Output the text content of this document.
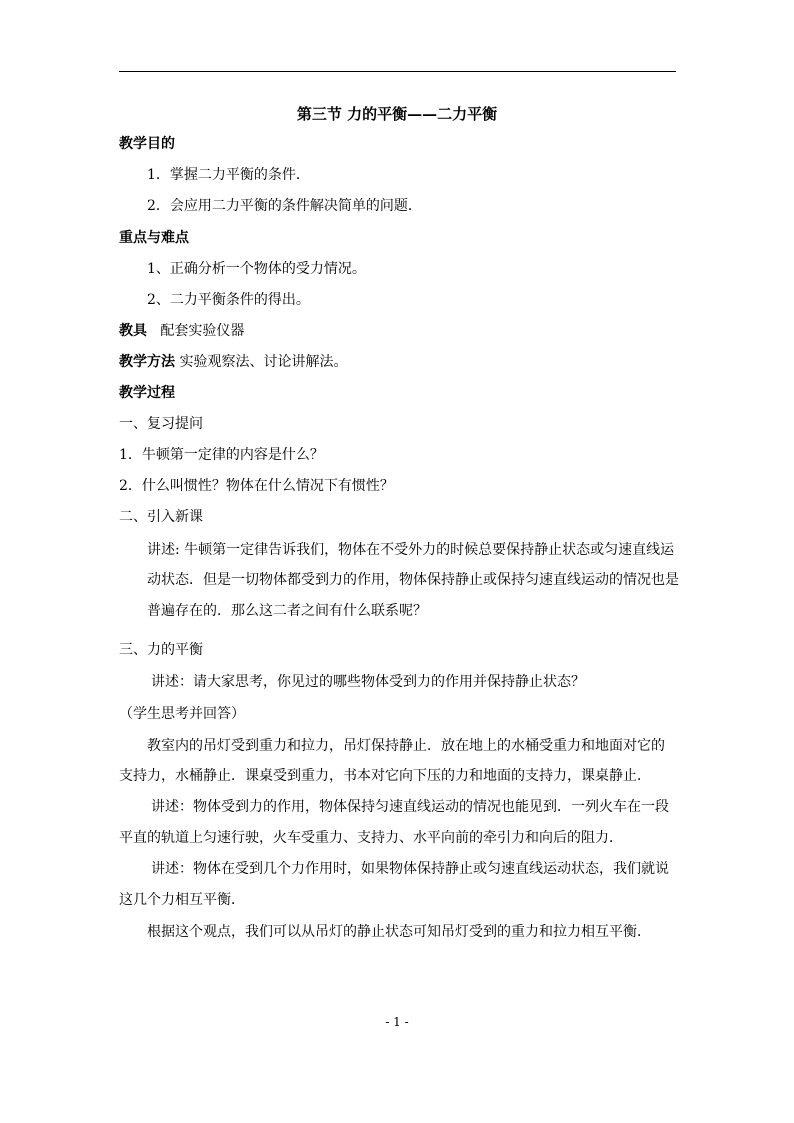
第三节 力的平衡——二力平衡
教学目的
1．掌握二力平衡的条件．
2．会应用二力平衡的条件解决简单的问题．
重点与难点
1、正确分析一个物体的受力情况。
2、二力平衡条件的得出。
教具 配套实验仪器
教学方法 实验观察法、讨论讲解法。
教学过程
一、复习提问
1．牛顿第一定律的内容是什么？
2．什么叫惯性？物体在什么情况下有惯性？
二、引入新课
讲述: 牛顿第一定律告诉我们，物体在不受外力的时候总要保持静止状态或匀速直线运
动状态．但是一切物体都受到力的作用，物体保持静止或保持匀速直线运动的情况也是
普遍存在的．那么这二者之间有什么联系呢？
三、力的平衡
讲述：请大家思考，你见过的哪些物体受到力的作用并保持静止状态？
（学生思考并回答）
教室内的吊灯受到重力和拉力，吊灯保持静止．放在地上的水桶受重力和地面对它的
支持力，水桶静止．课桌受到重力，书本对它向下压的力和地面的支持力，课桌静止．
讲述：物体受到力的作用，物体保持匀速直线运动的情况也能见到．一列火车在一段
平直的轨道上匀速行驶，火车受重力、支持力、水平向前的牵引力和向后的阻力．
讲述：物体在受到几个力作用时，如果物体保持静止或匀速直线运动状态，我们就说
这几个力相互平衡．
根据这个观点，我们可以从吊灯的静止状态可知吊灯受到的重力和拉力相互平衡．
- 1 -
